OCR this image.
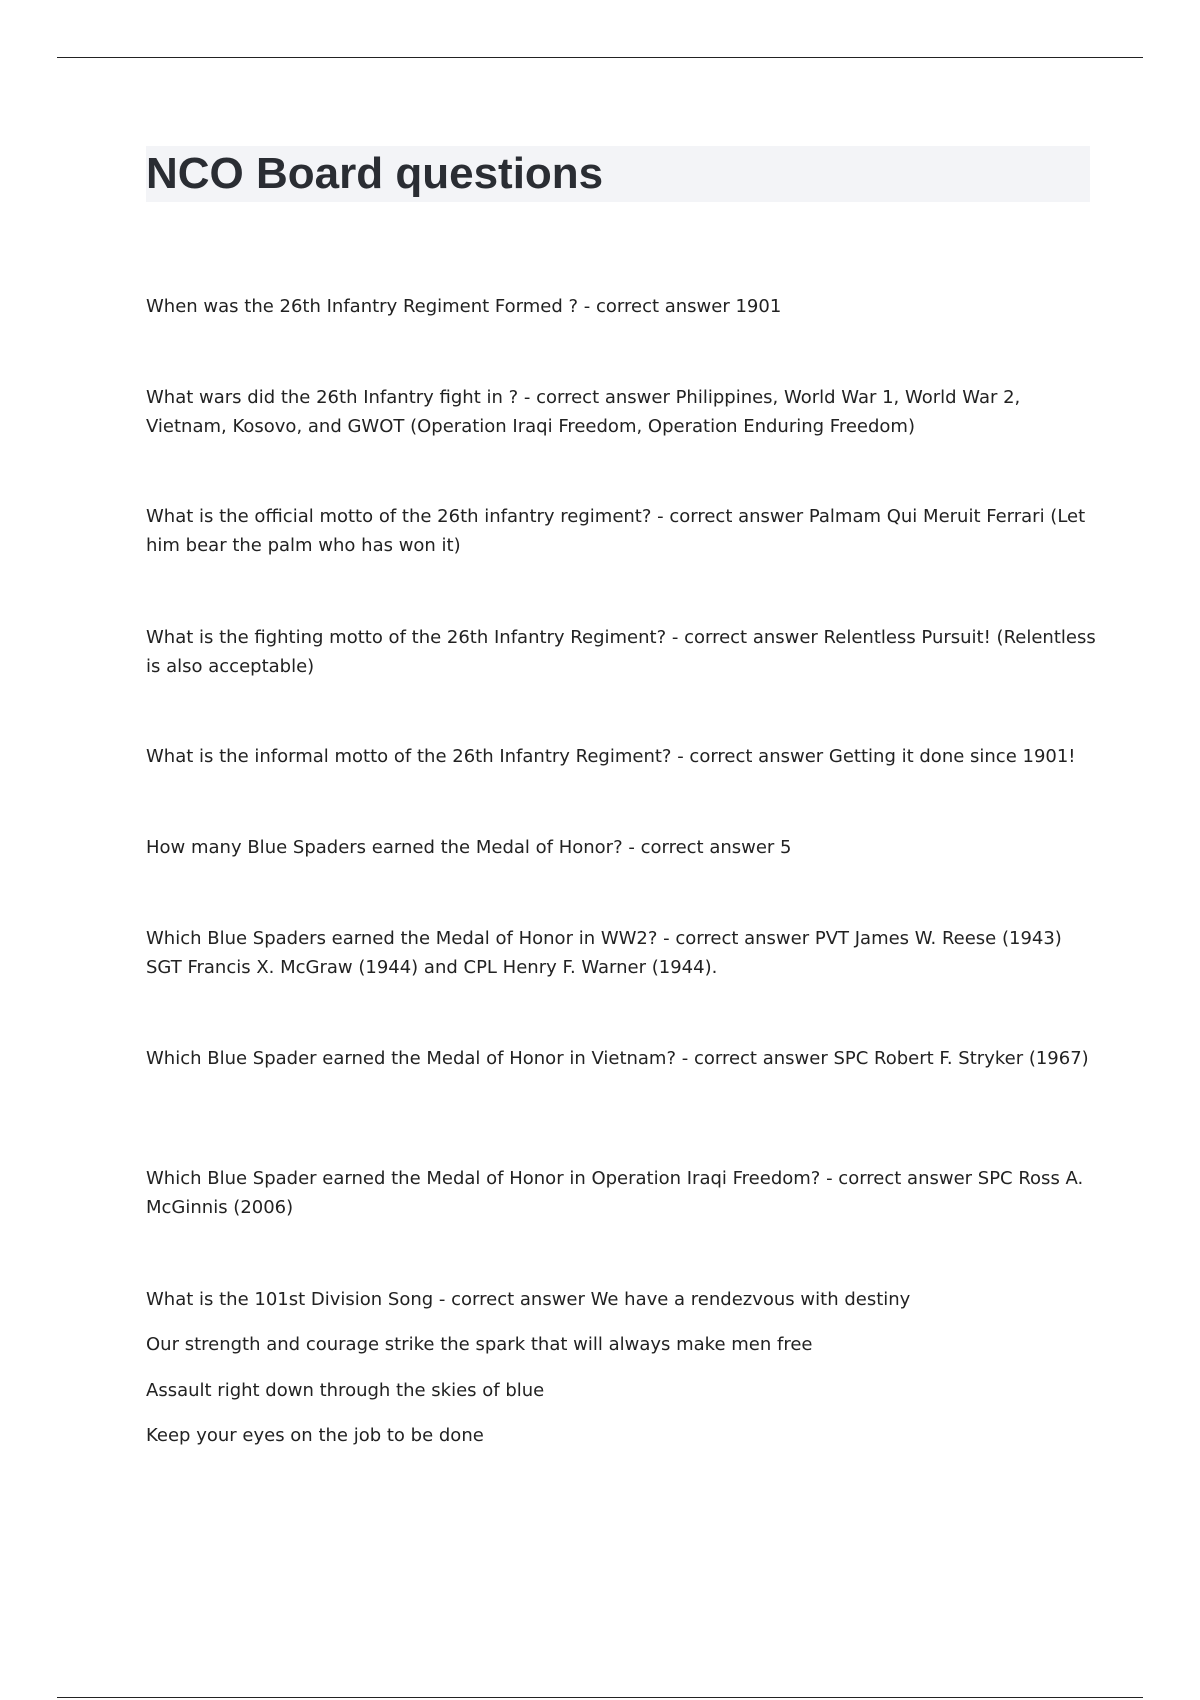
NCO Board questions

When was the 26th Infantry Regiment Formed ? - correct answer 1901

What wars did the 26th Infantry fight in ? - correct answer Philippines, World War 1, World War 2, Vietnam, Kosovo, and GWOT (Operation Iraqi Freedom, Operation Enduring Freedom)

What is the official motto of the 26th infantry regiment? - correct answer Palmam Qui Meruit Ferrari (Let him bear the palm who has won it)

What is the fighting motto of the 26th Infantry Regiment? - correct answer Relentless Pursuit! (Relentless is also acceptable)

What is the informal motto of the 26th Infantry Regiment? - correct answer Getting it done since 1901!

How many Blue Spaders earned the Medal of Honor? - correct answer 5

Which Blue Spaders earned the Medal of Honor in WW2? - correct answer PVT James W. Reese (1943) SGT Francis X. McGraw (1944) and CPL Henry F. Warner (1944).

Which Blue Spader earned the Medal of Honor in Vietnam? - correct answer SPC Robert F. Stryker (1967)

Which Blue Spader earned the Medal of Honor in Operation Iraqi Freedom? - correct answer SPC Ross A. McGinnis (2006)

What is the 101st Division Song - correct answer We have a rendezvous with destiny

Our strength and courage strike the spark that will always make men free

Assault right down through the skies of blue

Keep your eyes on the job to be done
